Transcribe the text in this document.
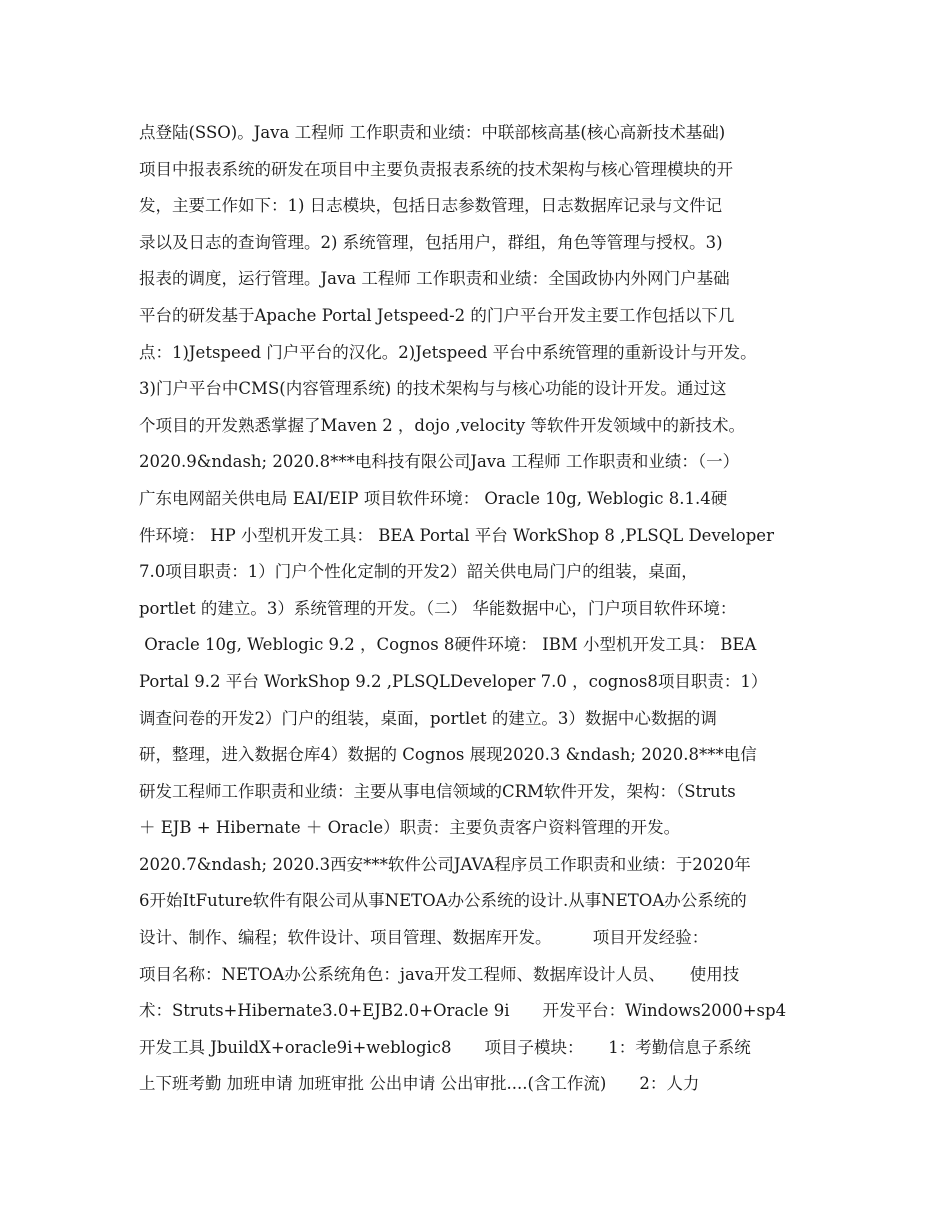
点登陆(SSO)。Java 工程师 工作职责和业绩：中联部核高基(核心高新技术基础)
项目中报表系统的研发在项目中主要负责报表系统的技术架构与核心管理模块的开
发，主要工作如下：1) 日志模块，包括日志参数管理，日志数据库记录与文件记
录以及日志的查询管理。2) 系统管理，包括用户，群组，角色等管理与授权。3)
报表的调度，运行管理。Java 工程师 工作职责和业绩：全国政协内外网门户基础
平台的研发基于Apache Portal Jetspeed-2 的门户平台开发主要工作包括以下几
点：1)Jetspeed 门户平台的汉化。2)Jetspeed 平台中系统管理的重新设计与开发。
3)门户平台中CMS(内容管理系统) 的技术架构与与核心功能的设计开发。通过这
个项目的开发熟悉掌握了Maven 2 ，dojo ,velocity 等软件开发领域中的新技术。
2020.9&ndash; 2020.8***电科技有限公司Java 工程师 工作职责和业绩：（一）
广东电网韶关供电局 EAI/EIP 项目软件环境： Oracle 10g, Weblogic 8.1.4硬
件环境： HP 小型机开发工具： BEA Portal 平台 WorkShop 8 ,PLSQL Developer
7.0项目职责：1）门户个性化定制的开发2）韶关供电局门户的组装，桌面，
portlet 的建立。3）系统管理的开发。（二） 华能数据中心，门户项目软件环境：
Oracle 10g, Weblogic 9.2 ，Cognos 8硬件环境： IBM 小型机开发工具： BEA
Portal 9.2 平台 WorkShop 9.2 ,PLSQLDeveloper 7.0 ，cognos8项目职责：1）
调查问卷的开发2）门户的组装，桌面，portlet 的建立。3）数据中心数据的调
研，整理，进入数据仓库4）数据的 Cognos 展现2020.3 &ndash; 2020.8***电信
研发工程师工作职责和业绩：主要从事电信领域的CRM软件开发，架构：（Struts
＋ EJB + Hibernate ＋ Oracle）职责：主要负责客户资料管理的开发。
2020.7&ndash; 2020.3西安***软件公司JAVA程序员工作职责和业绩：于2020年
6开始ItFuture软件有限公司从事NETOA办公系统的设计.从事NETOA办公系统的
设计、制作、编程；软件设计、项目管理、数据库开发。　　　项目开发经验：
项目名称：NETOA办公系统角色：java开发工程师、数据库设计人员、　　使用技
术：Struts+Hibernate3.0+EJB2.0+Oracle 9i　　开发平台：Windows2000+sp4
开发工具 JbuildX+oracle9i+weblogic8　　项目子模块：　　1：考勤信息子系统
上下班考勤 加班申请 加班审批 公出申请 公出审批....(含工作流)　　2：人力
